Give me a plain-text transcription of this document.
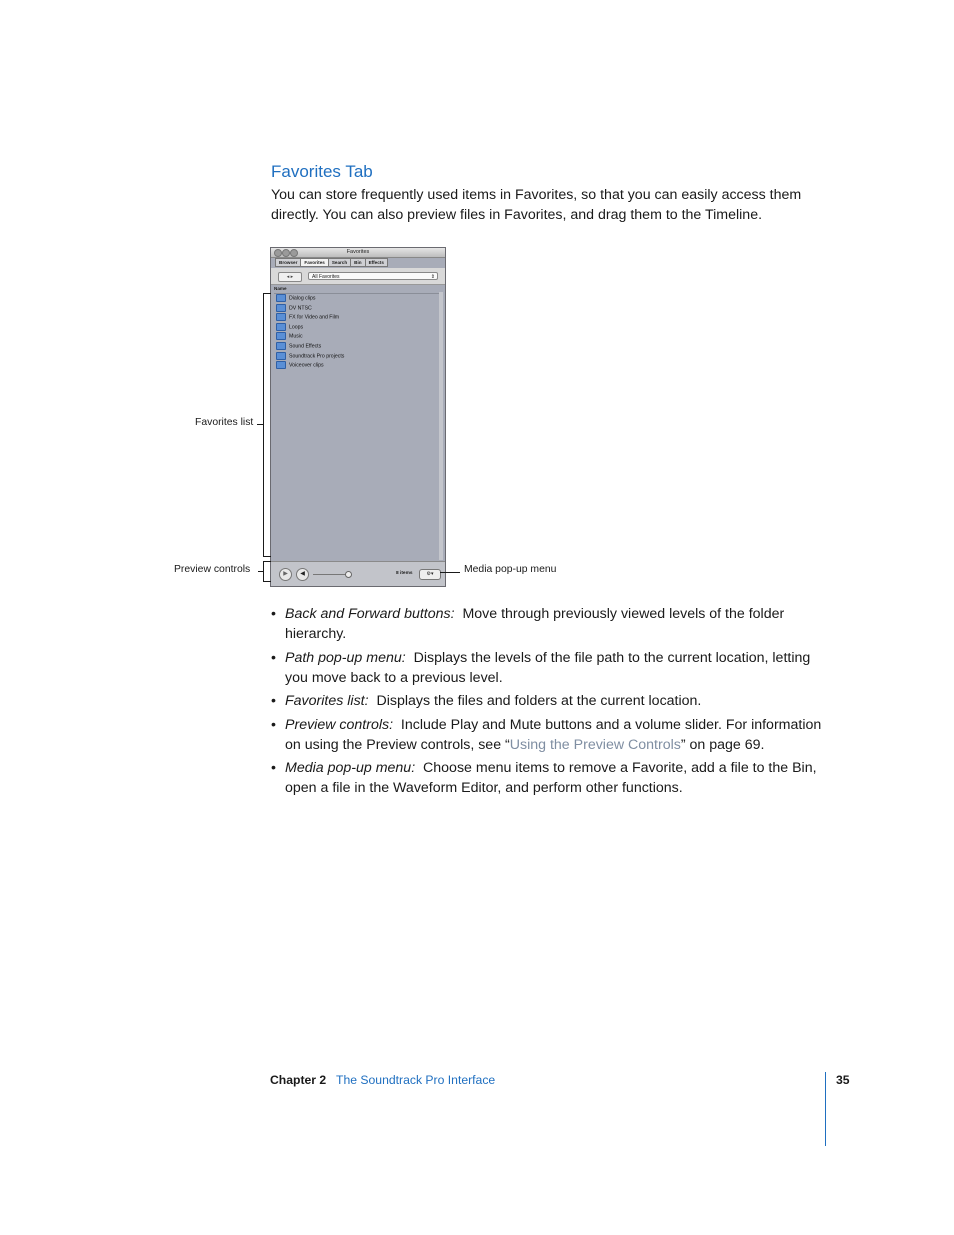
Favorites Tab
You can store frequently used items in Favorites, so that you can easily access them directly. You can also preview files in Favorites, and drag them to the Timeline.
Favorites
Browser	Favorites	Search	Bin	Effects
◂ ▸	All Favorites	⇕
Name
Dialog clips
DV NTSC
FX for Video and Film
Loops
Music
Sound Effects
Soundtrack Pro projects
Voiceover clips
▶	◀	8 items	⚙▾
Favorites list
Preview controls	Media pop-up menu
• Back and Forward buttons: Move through previously viewed levels of the folder hierarchy.
• Path pop-up menu: Displays the levels of the file path to the current location, letting you move back to a previous level.
• Favorites list: Displays the files and folders at the current location.
• Preview controls: Include Play and Mute buttons and a volume slider. For information on using the Preview controls, see “Using the Preview Controls” on page 69.
• Media pop-up menu: Choose menu items to remove a Favorite, add a file to the Bin, open a file in the Waveform Editor, and perform other functions.
Chapter 2 The Soundtrack Pro Interface	35
